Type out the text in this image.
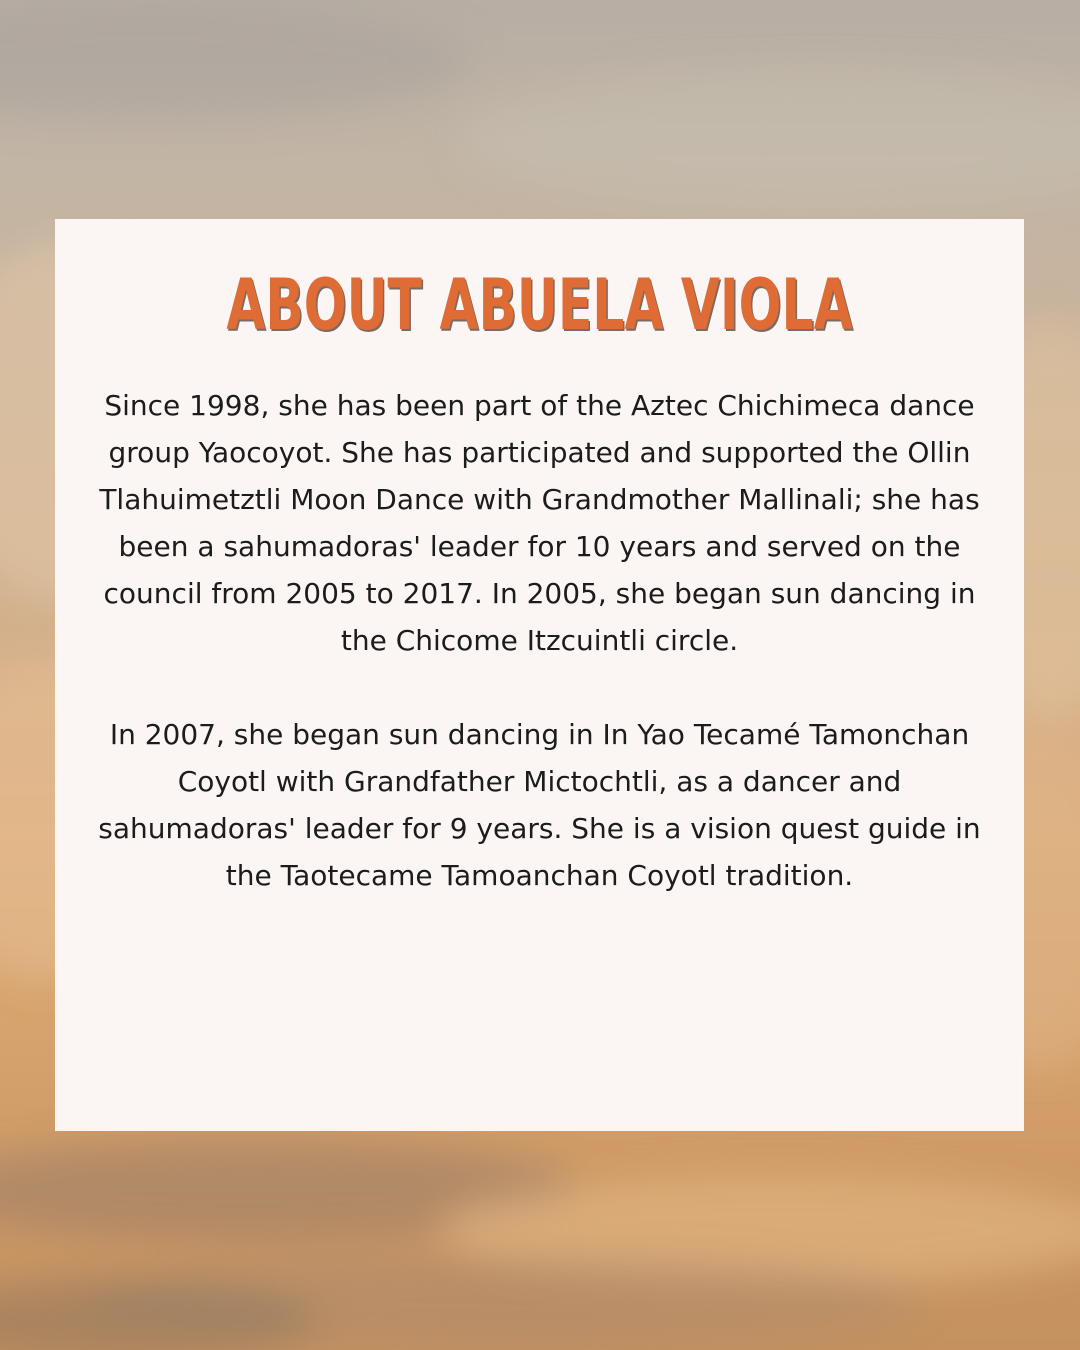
ABOUT ABUELA VIOLA

Since 1998, she has been part of the Aztec Chichimeca dance group Yaocoyot. She has participated and supported the Ollin Tlahuimetztli Moon Dance with Grandmother Mallinali; she has been a sahumadoras' leader for 10 years and served on the council from 2005 to 2017. In 2005, she began sun dancing in the Chicome Itzcuintli circle.

In 2007, she began sun dancing in In Yao Tecamé Tamonchan Coyotl with Grandfather Mictochtli, as a dancer and sahumadoras' leader for 9 years. She is a vision quest guide in the Taotecame Tamoanchan Coyotl tradition.
